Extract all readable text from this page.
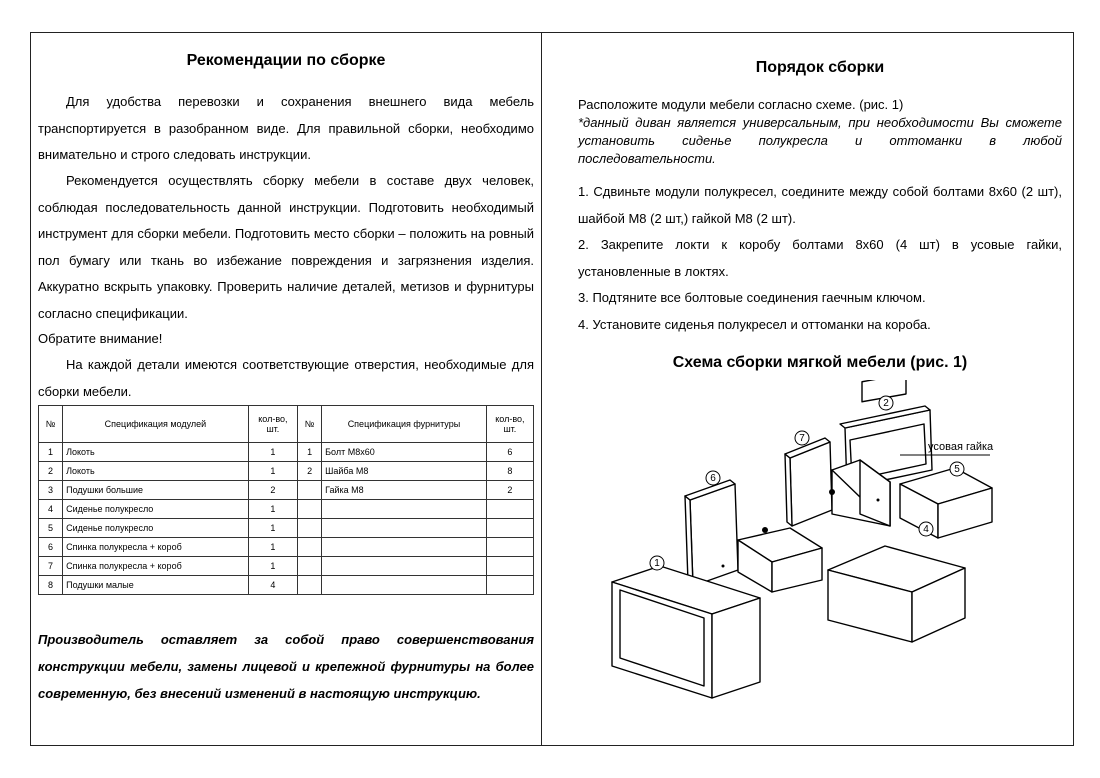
Рекомендации по сборке

Для удобства перевозки и сохранения внешнего вида мебель транспортируется в разобранном виде. Для правильной сборки, необходимо внимательно и строго следовать инструкции.

Рекомендуется осуществлять сборку мебели в составе двух человек, соблюдая последовательность данной инструкции. Подготовить необходимый инструмент для сборки мебели. Подготовить место сборки – положить на ровный пол бумагу или ткань во избежание повреждения и загрязнения изделия. Аккуратно вскрыть упаковку. Проверить наличие деталей, метизов и фурнитуры согласно спецификации.

Обратите внимание!

На каждой детали имеются соответствующие отверстия, необходимые для сборки мебели.

№	Спецификация модулей	кол-во, шт.	№	Спецификация фурнитуры	кол-во, шт.
1	Локоть	1	1	Болт М8х60	6
2	Локоть	1	2	Шайба М8	8
3	Подушки большие	2		Гайка М8	2
4	Сиденье полукресло	1			
5	Сиденье полукресло	1			
6	Спинка полукресла + короб	1			
7	Спинка полукресла + короб	1			
8	Подушки малые	4			

Производитель оставляет за собой право совершенствования конструкции мебели, замены лицевой и крепежной фурнитуры на более современную, без внесений изменений в настоящую инструкцию.

Порядок сборки

Расположите модули мебели согласно схеме. (рис. 1)

*данный диван является универсальным, при необходимости Вы сможете установить сиденье полукресла и оттоманки в любой последовательности.

1. Сдвиньте модули полукресел, соедините между собой болтами 8х60 (2 шт), шайбой М8 (2 шт,) гайкой М8 (2 шт).

2. Закрепите локти к коробу болтами 8х60 (4 шт) в усовые гайки, установленные в локтях.

3. Подтяните все болтовые соединения гаечным ключом.

4. Установите сиденья полукресел и оттоманки на короба.

Схема сборки мягкой мебели (рис. 1)
усовая гайка
1
2
4
5
6
7
